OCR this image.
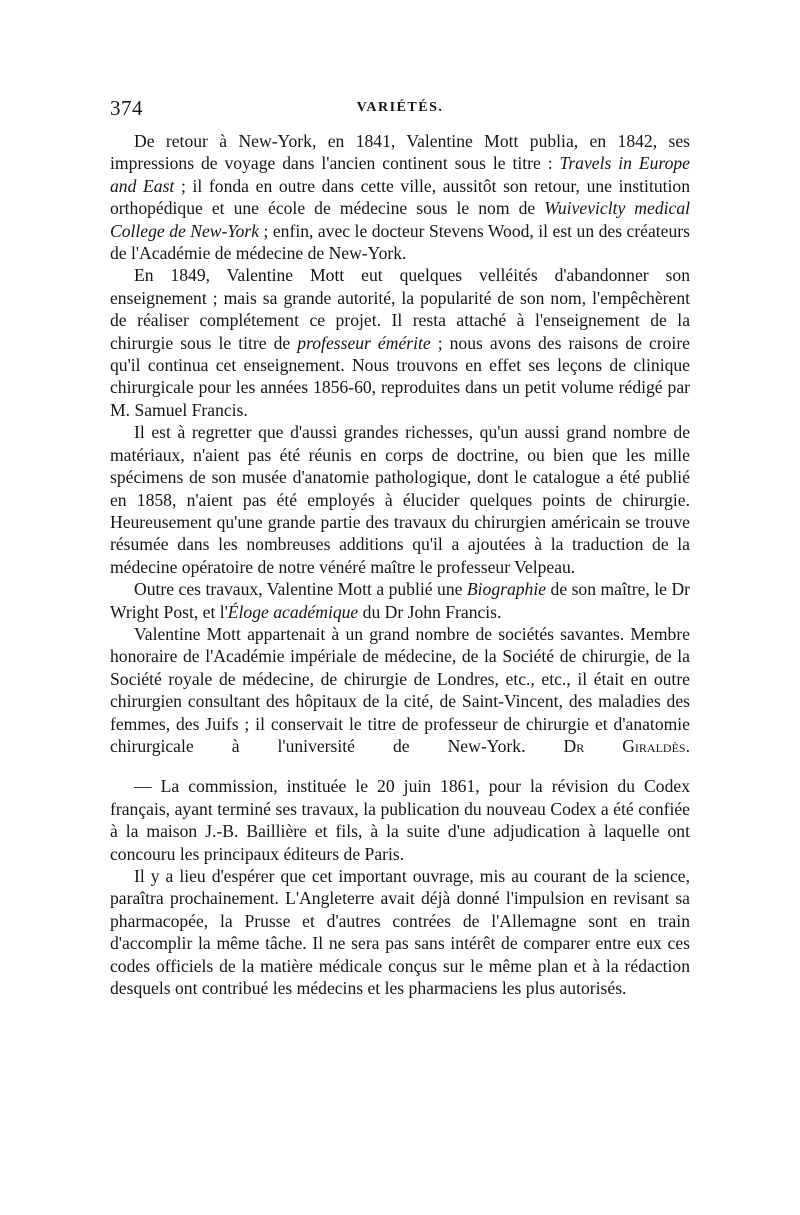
374	VARIÉTÉS.

De retour à New-York, en 1841, Valentine Mott publia, en 1842, ses impressions de voyage dans l'ancien continent sous le titre : Travels in Europe and East ; il fonda en outre dans cette ville, aussitôt son retour, une institution orthopédique et une école de médecine sous le nom de Wuiveviclty medical College de New-York ; enfin, avec le docteur Stevens Wood, il est un des créateurs de l'Académie de médecine de New-York.

En 1849, Valentine Mott eut quelques velléités d'abandonner son enseignement ; mais sa grande autorité, la popularité de son nom, l'empêchèrent de réaliser complétement ce projet. Il resta attaché à l'enseignement de la chirurgie sous le titre de professeur émérite ; nous avons des raisons de croire qu'il continua cet enseignement. Nous trouvons en effet ses leçons de clinique chirurgicale pour les années 1856-60, reproduites dans un petit volume rédigé par M. Samuel Francis.

Il est à regretter que d'aussi grandes richesses, qu'un aussi grand nombre de matériaux, n'aient pas été réunis en corps de doctrine, ou bien que les mille spécimens de son musée d'anatomie pathologique, dont le catalogue a été publié en 1858, n'aient pas été employés à élucider quelques points de chirurgie. Heureusement qu'une grande partie des travaux du chirurgien américain se trouve résumée dans les nombreuses additions qu'il a ajoutées à la traduction de la médecine opératoire de notre vénéré maître le professeur Velpeau.

Outre ces travaux, Valentine Mott a publié une Biographie de son maître, le Dr Wright Post, et l'Éloge académique du Dr John Francis.

Valentine Mott appartenait à un grand nombre de sociétés savantes. Membre honoraire de l'Académie impériale de médecine, de la Société de chirurgie, de la Société royale de médecine, de chirurgie de Londres, etc., etc., il était en outre chirurgien consultant des hôpitaux de la cité, de Saint-Vincent, des maladies des femmes, des Juifs ; il conservait le titre de professeur de chirurgie et d'anatomie chirurgicale à l'université de New-York. Dr Giraldès.

— La commission, instituée le 20 juin 1861, pour la révision du Codex français, ayant terminé ses travaux, la publication du nouveau Codex a été confiée à la maison J.-B. Baillière et fils, à la suite d'une adjudication à laquelle ont concouru les principaux éditeurs de Paris.

Il y a lieu d'espérer que cet important ouvrage, mis au courant de la science, paraîtra prochainement. L'Angleterre avait déjà donné l'impulsion en revisant sa pharmacopée, la Prusse et d'autres contrées de l'Allemagne sont en train d'accomplir la même tâche. Il ne sera pas sans intérêt de comparer entre eux ces codes officiels de la matière médicale conçus sur le même plan et à la rédaction desquels ont contribué les médecins et les pharmaciens les plus autorisés.
